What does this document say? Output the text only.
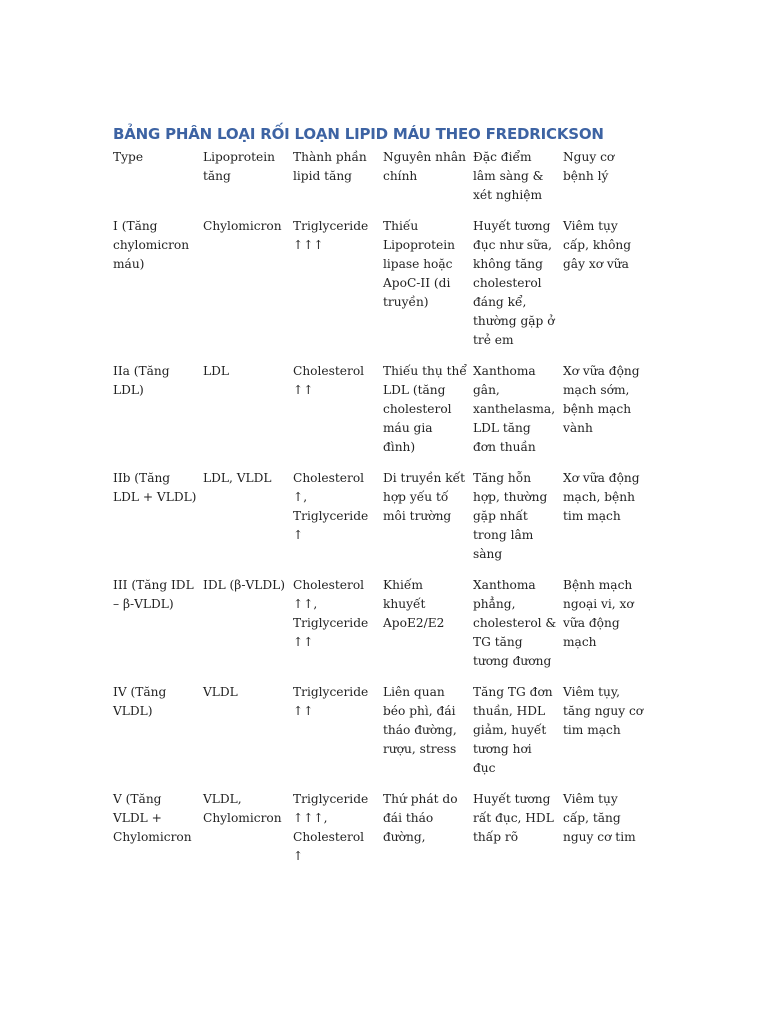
BẢNG PHÂN LOẠI RỐI LOẠN LIPID MÁU THEO FREDRICKSON
Type	Lipoprotein tăng	Thành phần lipid tăng	Nguyên nhân chính	Đặc điểm lâm sàng & xét nghiệm	Nguy cơ bệnh lý

I (Tăng chylomicron máu)	Chylomicron	Triglyceride ↑↑↑	Thiếu Lipoprotein lipase hoặc ApoC-II (di truyền)	Huyết tương đục như sữa, không tăng cholesterol đáng kể, thường gặp ở trẻ em	Viêm tụy cấp, không gây xơ vữa

IIa (Tăng LDL)	LDL	Cholesterol ↑↑	Thiếu thụ thể LDL (tăng cholesterol máu gia đình)	Xanthoma gân, xanthelasma, LDL tăng đơn thuần	Xơ vữa động mạch sớm, bệnh mạch vành

IIb (Tăng LDL + VLDL)	LDL, VLDL	Cholesterol ↑, Triglyceride ↑	Di truyền kết hợp yếu tố môi trường	Tăng hỗn hợp, thường gặp nhất trong lâm sàng	Xơ vữa động mạch, bệnh tim mạch

III (Tăng IDL – β-VLDL)	IDL (β-VLDL)	Cholesterol ↑↑, Triglyceride ↑↑	Khiếm khuyết ApoE2/E2	Xanthoma phẳng, cholesterol & TG tăng tương đương	Bệnh mạch ngoại vi, xơ vữa động mạch

IV (Tăng VLDL)	VLDL	Triglyceride ↑↑	Liên quan béo phì, đái tháo đường, rượu, stress	Tăng TG đơn thuần, HDL giảm, huyết tương hơi đục	Viêm tụy, tăng nguy cơ tim mạch

V (Tăng VLDL + Chylomicron	VLDL, Chylomicron	Triglyceride ↑↑↑, Cholesterol ↑	Thứ phát do đái tháo đường,	Huyết tương rất đục, HDL thấp rõ	Viêm tụy cấp, tăng nguy cơ tim
